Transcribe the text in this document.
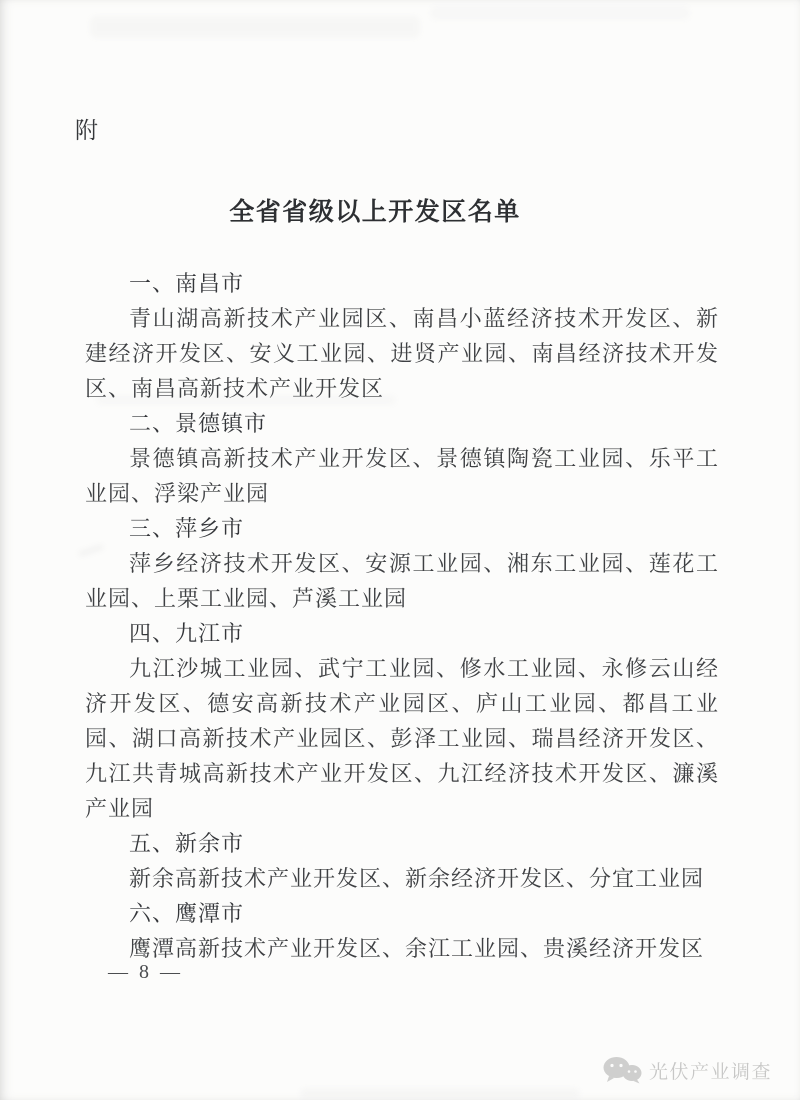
附
全省省级以上开发区名单

一、南昌市

青山湖高新技术产业园区、南昌小蓝经济技术开发区、新建经济开发区、安义工业园、进贤产业园、南昌经济技术开发区、南昌高新技术产业开发区

二、景德镇市

景德镇高新技术产业开发区、景德镇陶瓷工业园、乐平工业园、浮梁产业园

三、萍乡市

萍乡经济技术开发区、安源工业园、湘东工业园、莲花工业园、上栗工业园、芦溪工业园

四、九江市

九江沙城工业园、武宁工业园、修水工业园、永修云山经济开发区、德安高新技术产业园区、庐山工业园、都昌工业园、湖口高新技术产业园区、彭泽工业园、瑞昌经济开发区、九江共青城高新技术产业开发区、九江经济技术开发区、濂溪产业园

五、新余市

新余高新技术产业开发区、新余经济开发区、分宜工业园

六、鹰潭市

鹰潭高新技术产业开发区、余江工业园、贵溪经济开发区

— 8 —
光伏产业调查
